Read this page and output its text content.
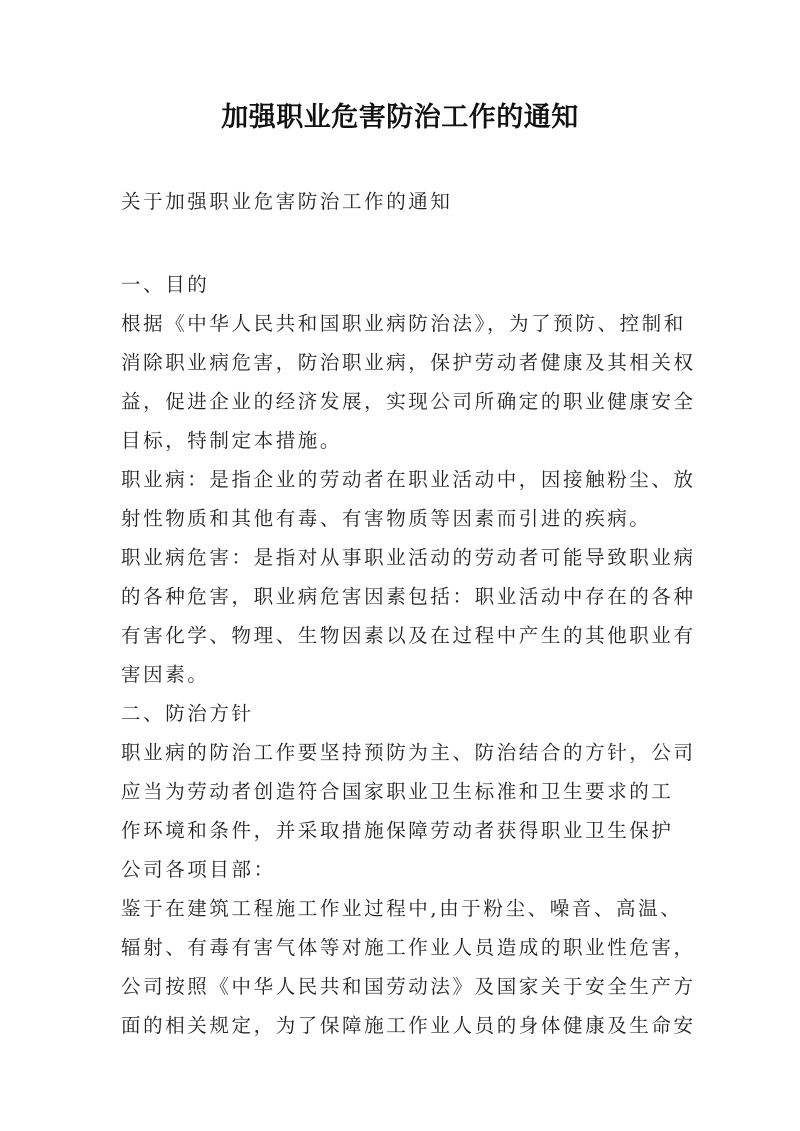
加强职业危害防治工作的通知
关于加强职业危害防治工作的通知
一、目的
根据《中华人民共和国职业病防治法》，为了预防、控制和
消除职业病危害，防治职业病，保护劳动者健康及其相关权
益，促进企业的经济发展，实现公司所确定的职业健康安全
目标，特制定本措施。
职业病：是指企业的劳动者在职业活动中，因接触粉尘、放
射性物质和其他有毒、有害物质等因素而引进的疾病。
职业病危害：是指对从事职业活动的劳动者可能导致职业病
的各种危害，职业病危害因素包括：职业活动中存在的各种
有害化学、物理、生物因素以及在过程中产生的其他职业有
害因素。
二、防治方针
职业病的防治工作要坚持预防为主、防治结合的方针，公司
应当为劳动者创造符合国家职业卫生标准和卫生要求的工
作环境和条件，并采取措施保障劳动者获得职业卫生保护
公司各项目部：
鉴于在建筑工程施工作业过程中,由于粉尘、噪音、高温、
辐射、有毒有害气体等对施工作业人员造成的职业性危害，
公司按照《中华人民共和国劳动法》及国家关于安全生产方
面的相关规定，为了保障施工作业人员的身体健康及生命安
